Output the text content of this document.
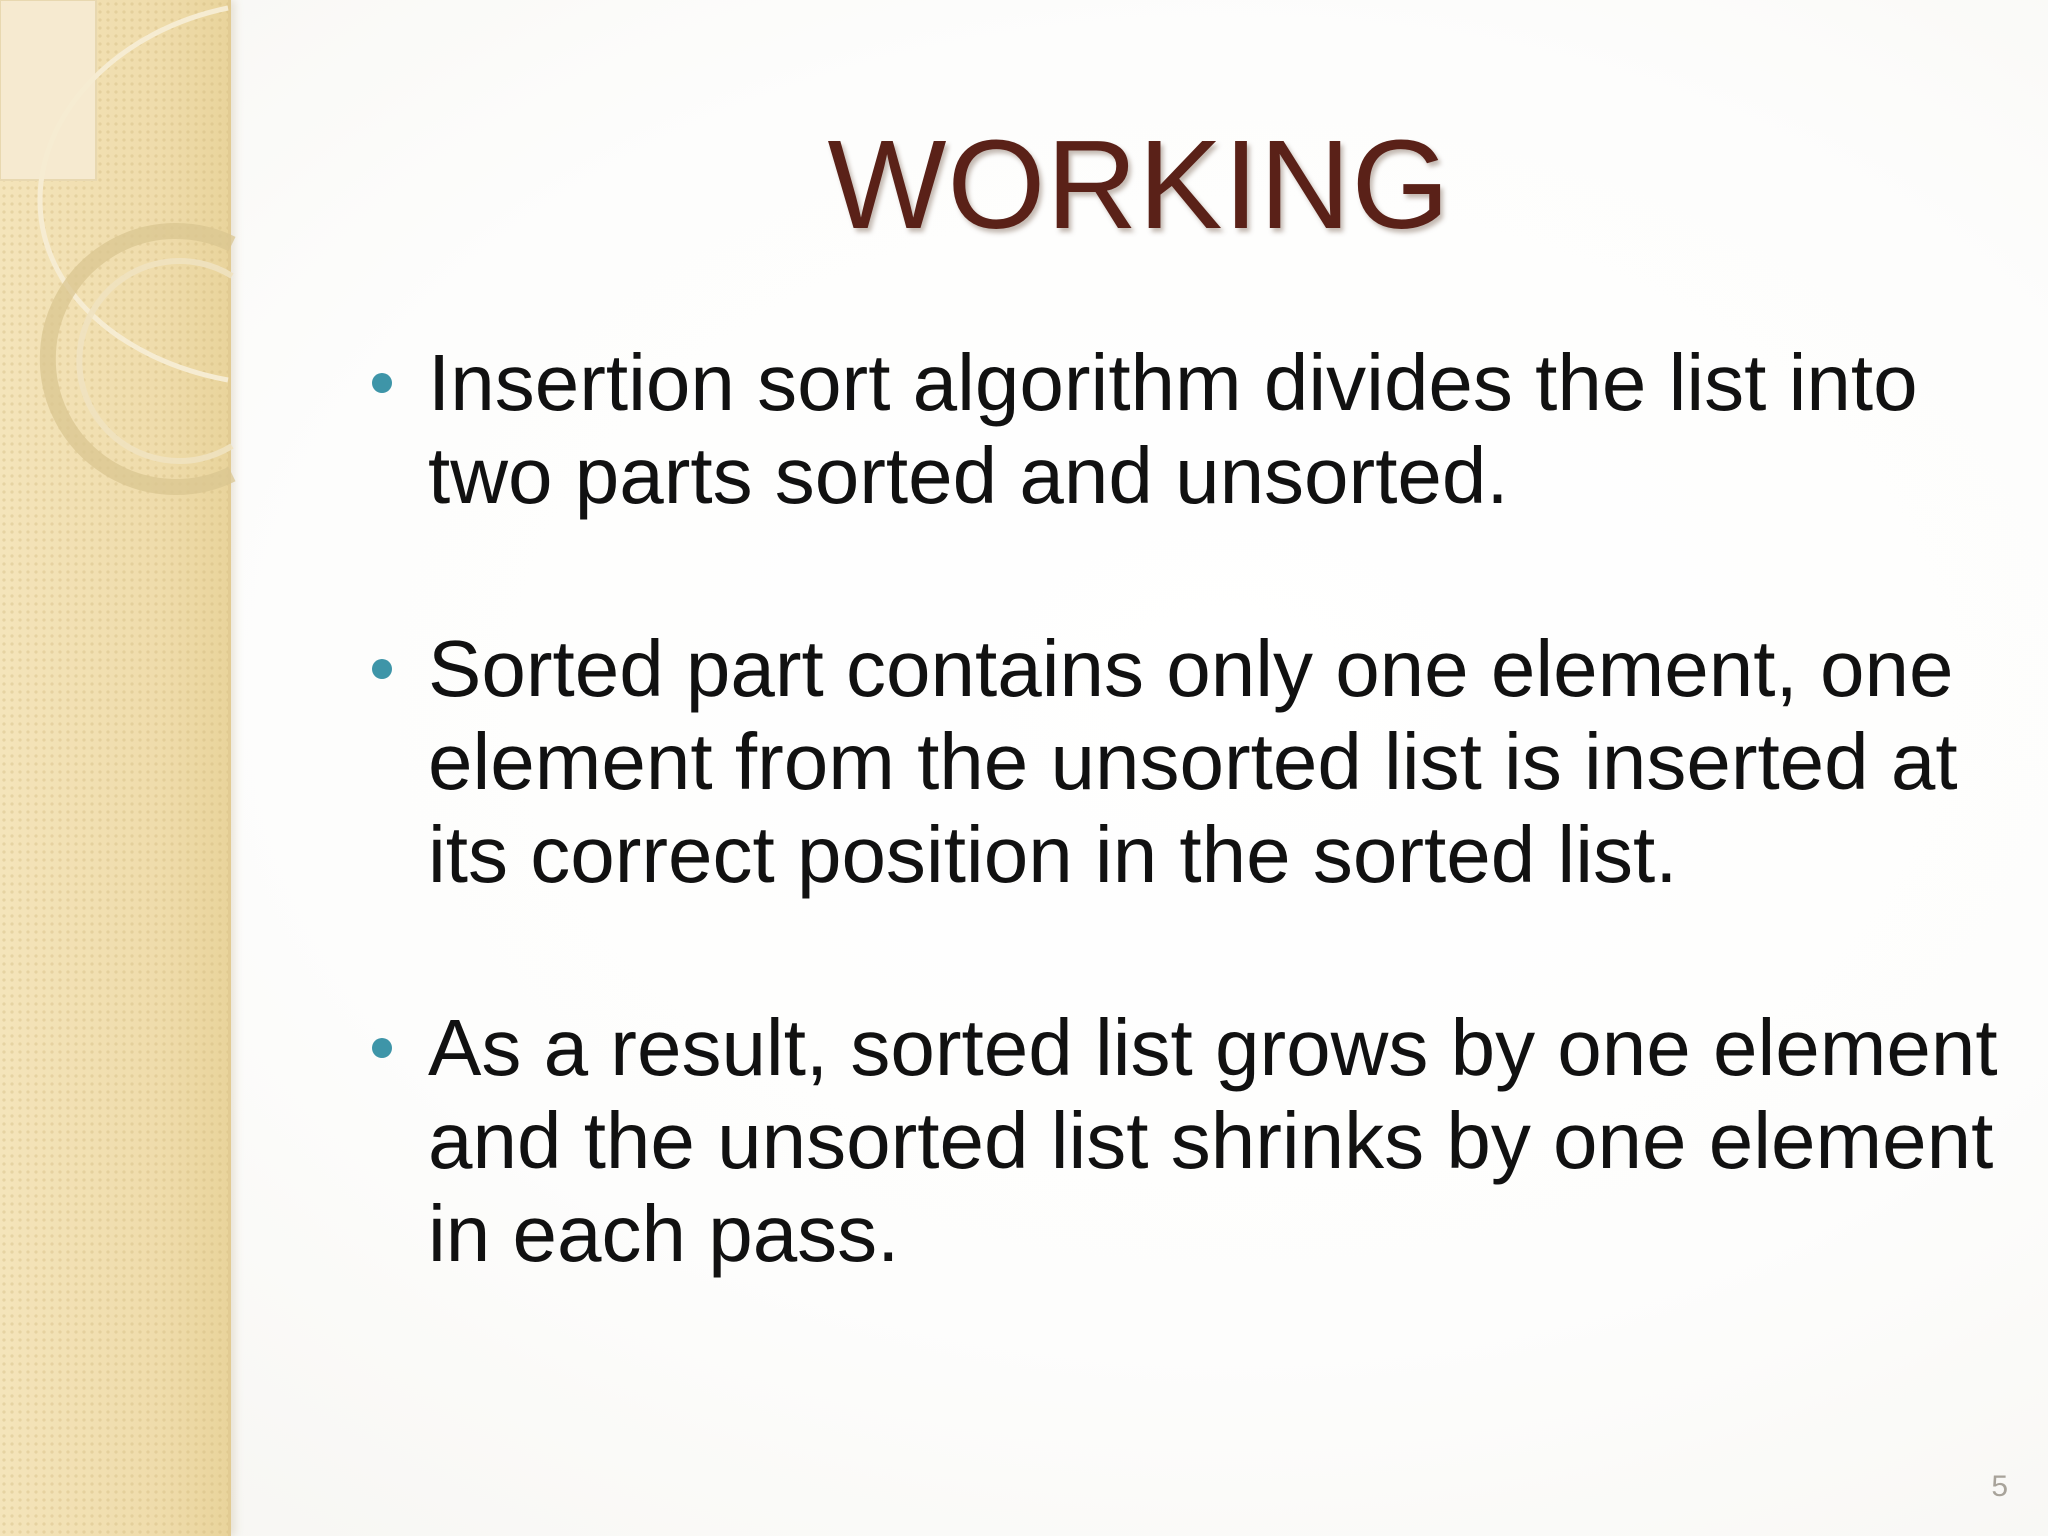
WORKING
Insertion sort algorithm divides the list into two parts sorted and unsorted.
Sorted part contains only one element, one element from the unsorted list is inserted at its correct position in the sorted list.
As a result, sorted list grows by one element and the unsorted list shrinks by one element in each pass.
5
